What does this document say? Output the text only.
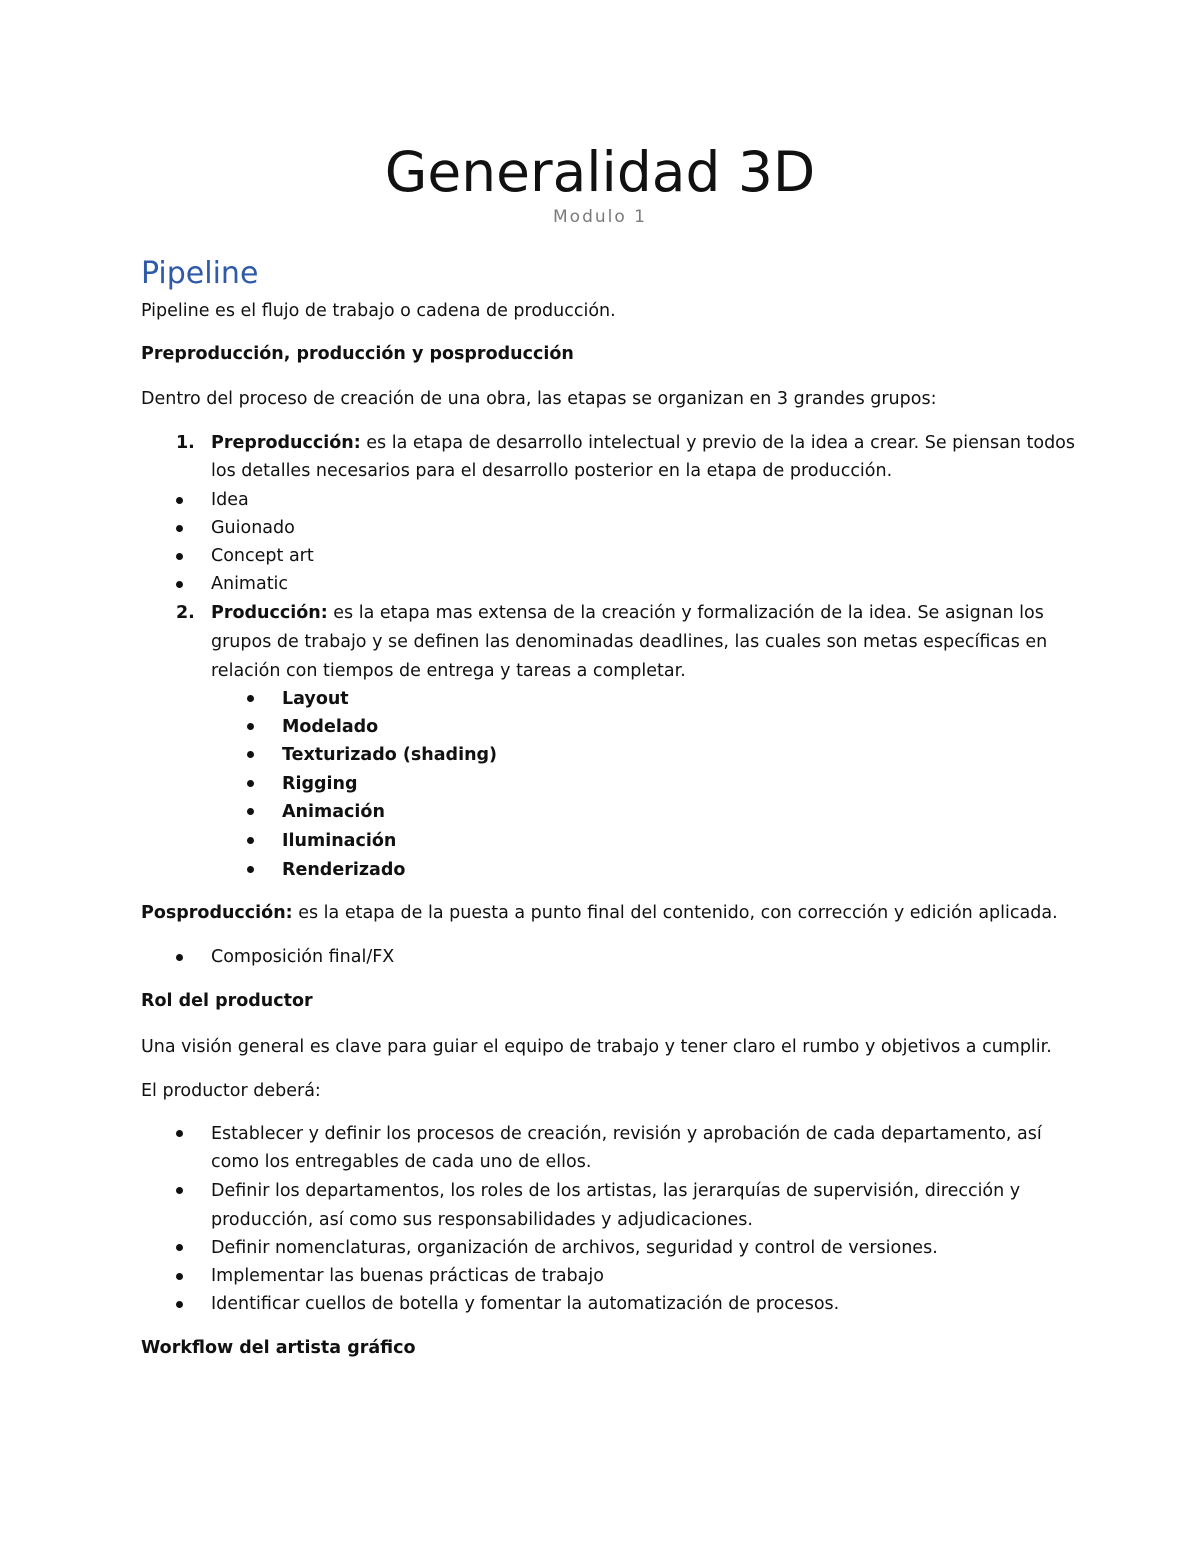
Generalidad 3D
Modulo 1
Pipeline
Pipeline es el flujo de trabajo o cadena de producción.
Preproducción, producción y posproducción
Dentro del proceso de creación de una obra, las etapas se organizan en 3 grandes grupos:
1. Preproducción: es la etapa de desarrollo intelectual y previo de la idea a crear. Se piensan todos
los detalles necesarios para el desarrollo posterior en la etapa de producción.
Idea
Guionado
Concept art
Animatic
2. Producción: es la etapa mas extensa de la creación y formalización de la idea. Se asignan los
grupos de trabajo y se definen las denominadas deadlines, las cuales son metas específicas en
relación con tiempos de entrega y tareas a completar.
Layout
Modelado
Texturizado (shading)
Rigging
Animación
Iluminación
Renderizado
Posproducción: es la etapa de la puesta a punto final del contenido, con corrección y edición aplicada.
Composición final/FX
Rol del productor
Una visión general es clave para guiar el equipo de trabajo y tener claro el rumbo y objetivos a cumplir.
El productor deberá:
Establecer y definir los procesos de creación, revisión y aprobación de cada departamento, así
como los entregables de cada uno de ellos.
Definir los departamentos, los roles de los artistas, las jerarquías de supervisión, dirección y
producción, así como sus responsabilidades y adjudicaciones.
Definir nomenclaturas, organización de archivos, seguridad y control de versiones.
Implementar las buenas prácticas de trabajo
Identificar cuellos de botella y fomentar la automatización de procesos.
Workflow del artista gráfico
